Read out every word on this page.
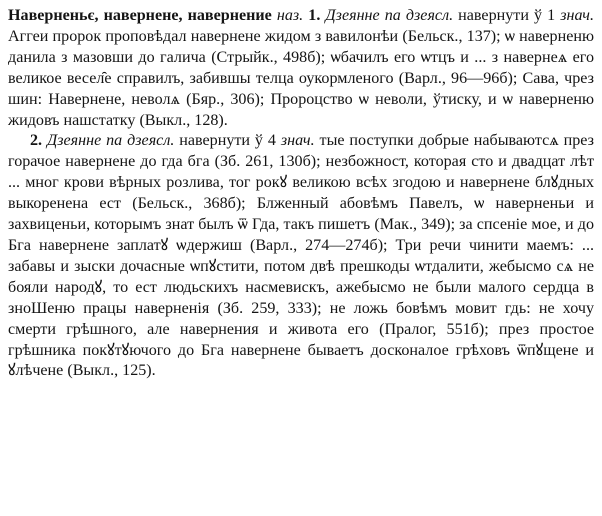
Наверненьє, навернене, навернение наз. 1. Дзеянне па дзеясл. навернути ў 1 знач. Аггеи пророк проповѣдал навернене жидом з вавилонѣи (Бельск., 137); ѡ наверненю данила з мазовши до галича (Стрыйк., 498б); ѡбачилъ его ѡтцъ и ... з навернеѧ его великое весел̑е справилъ, забившы телца оукормленого (Варл., 96—96б); Сава, чрез шин: Навернене, неволѧ (Бяр., 306); Пророцство ѡ неволи, ўтиску, и ѡ наверненю жидовъ нашстатку (Выкл., 128).

2. Дзеянне па дзеясл. навернути ў 4 знач. тые поступки добрые набываютсѧ през горачое навернене до гда бга (Зб. 261, 130б); незбожност, которая сто и двадцат лѣт ... мног крови вѣрных розлива, тог рокꙋ великою всѣх згодою и навернене блꙋдных выкоренена ест (Бельск., 368б); Блженный абовѣмъ Павелъ, ѡ наверненьи и захвиценьи, которымъ знат былъ ѿ Гда, такъ пишетъ (Мак., 349); за спсеніе мое, и до Бга навернене заплатꙋ ѡдержиш (Варл., 274—274б); Три речи чинити маемъ: ... забавы и зыски дочасные ѡпꙋстити, потом двѣ прешкоды ѡтдалити, жебысмо сѧ не бояли народꙋ, то ест людьскихъ насмевискъ, ажебысмо не были малого сердца в зноШеню працы наверненія (Зб. 259, 333); не ложь бовѣмъ мовит гдь: не хочу смерти грѣшного, але навернения и живота его (Пралог, 551б); през простое грѣшника покꙋтꙋючого до Бга навернене бываетъ досконалое грѣховъ ѿпꙋщене и ꙋлѣчене (Выкл., 125).
